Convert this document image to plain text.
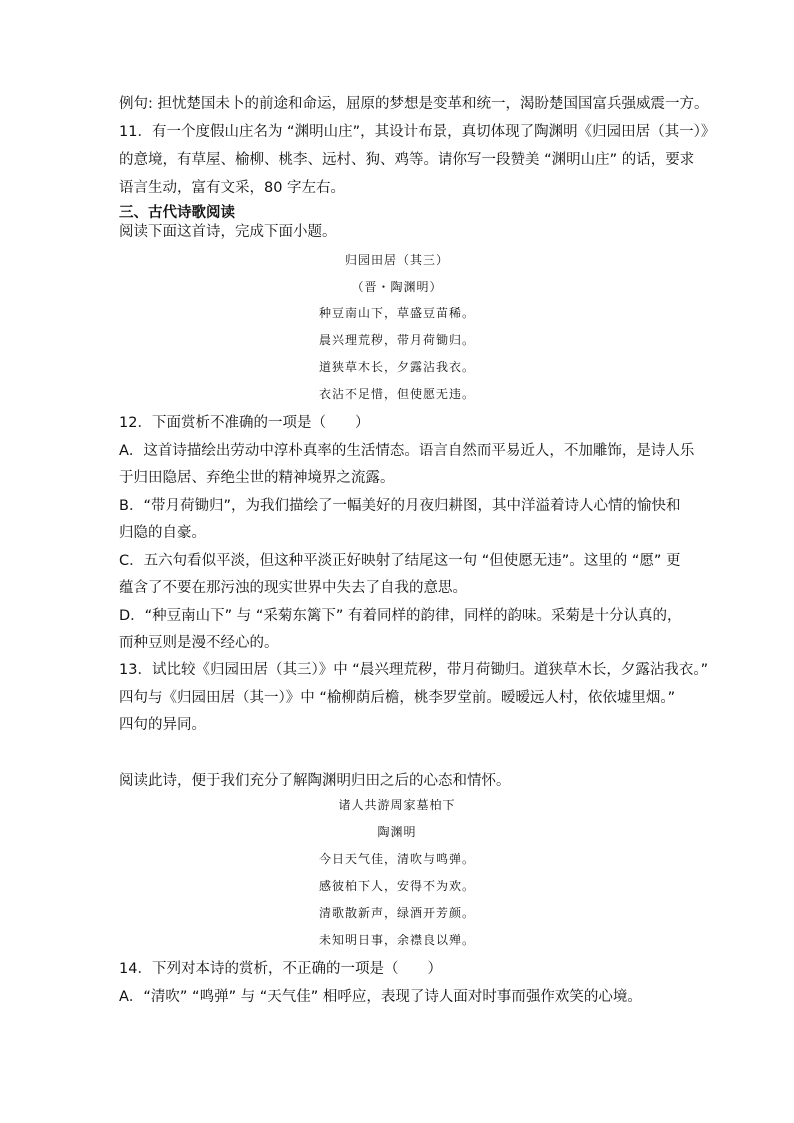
例句: 担忧楚国未卜的前途和命运，屈原的梦想是变革和统一，渴盼楚国国富兵强威震一方。
11．有一个度假山庄名为 “渊明山庄”，其设计布景，真切体现了陶渊明《归园田居（其一）》
的意境，有草屋、榆柳、桃李、远村、狗、鸡等。请你写一段赞美 “渊明山庄” 的话，要求
语言生动，富有文采，80 字左右。
三、古代诗歌阅读
阅读下面这首诗，完成下面小题。
归园田居（其三）
（晋・陶渊明）
种豆南山下，草盛豆苗稀。
晨兴理荒秽，带月荷锄归。
道狭草木长，夕露沾我衣。
衣沾不足惜，但使愿无违。
12．下面赏析不准确的一项是（　　）
A．这首诗描绘出劳动中淳朴真率的生活情态。语言自然而平易近人，不加雕饰，是诗人乐
于归田隐居、弃绝尘世的精神境界之流露。
B．“带月荷锄归”，为我们描绘了一幅美好的月夜归耕图，其中洋溢着诗人心情的愉快和
归隐的自豪。
C．五六句看似平淡，但这种平淡正好映射了结尾这一句 “但使愿无违”。这里的 “愿” 更
蕴含了不要在那污浊的现实世界中失去了自我的意思。
D．“种豆南山下” 与 “采菊东篱下” 有着同样的韵律，同样的韵味。采菊是十分认真的，
而种豆则是漫不经心的。
13．试比较《归园田居（其三）》中 “晨兴理荒秽，带月荷锄归。道狭草木长，夕露沾我衣。”
四句与《归园田居（其一）》中 “榆柳荫后檐，桃李罗堂前。暧暧远人村，依依墟里烟。”
四句的异同。
阅读此诗，便于我们充分了解陶渊明归田之后的心态和情怀。
诸人共游周家墓柏下
陶渊明
今日天气佳，清吹与鸣弹。
感彼柏下人，安得不为欢。
清歌散新声，绿酒开芳颜。
未知明日事，余襟良以殚。
14．下列对本诗的赏析，不正确的一项是（　　）
A．“清吹” “鸣弹” 与 “天气佳” 相呼应，表现了诗人面对时事而强作欢笑的心境。
